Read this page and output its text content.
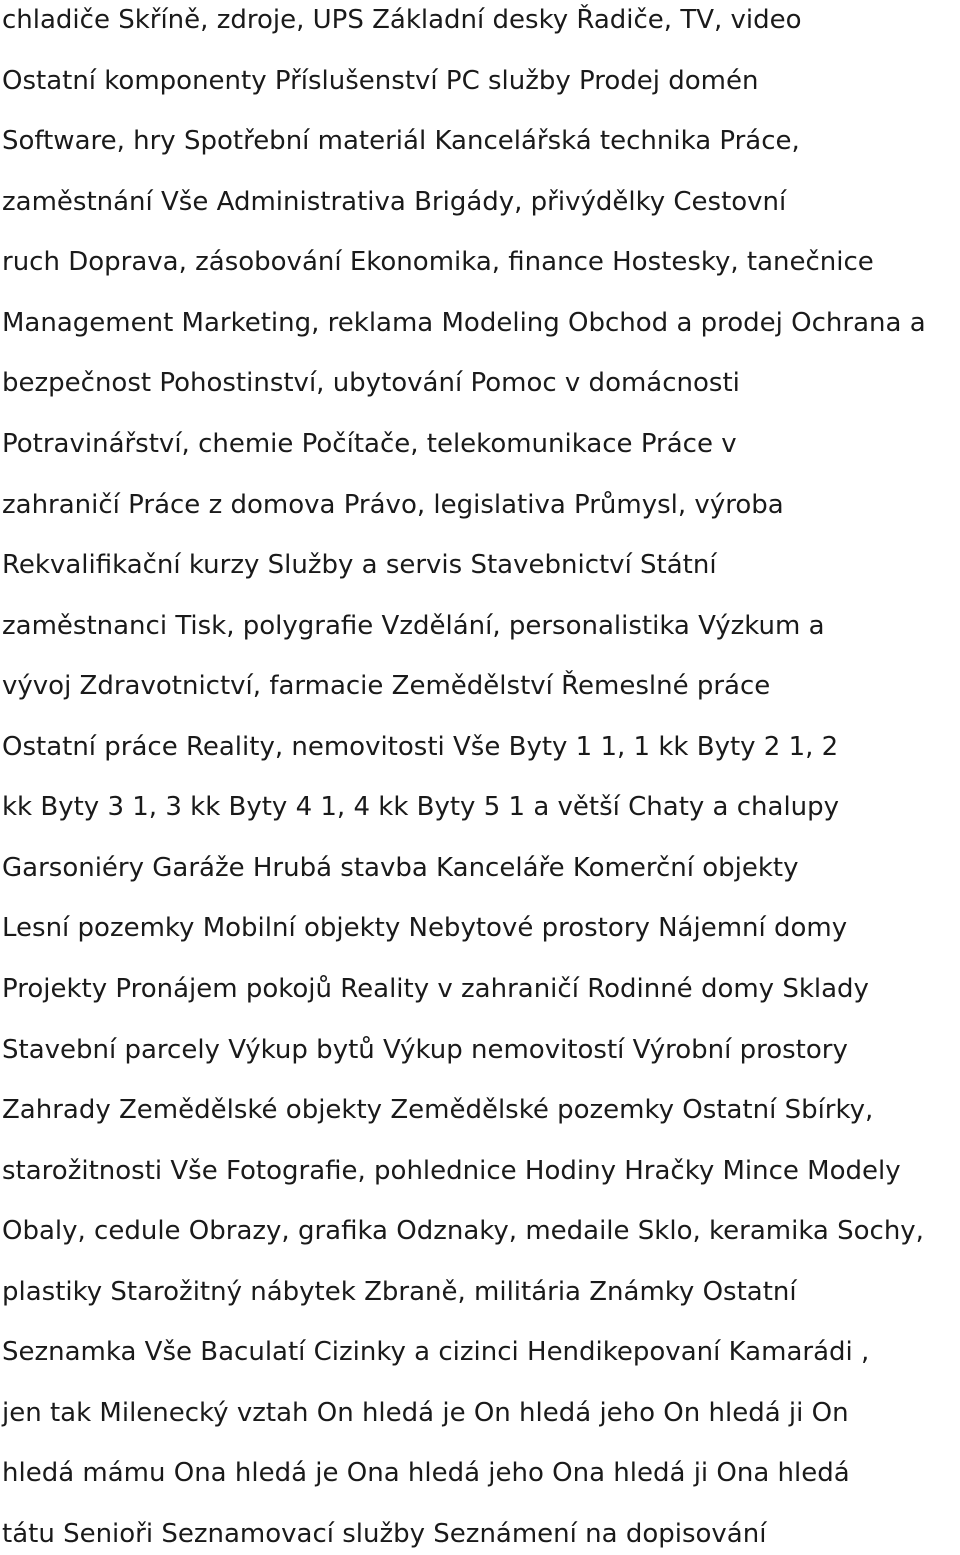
chladiče Skříně, zdroje, UPS Základní desky Řadiče, TV, video

Ostatní komponenty Příslušenství PC služby Prodej domén

Software, hry Spotřební materiál Kancelářská technika Práce,

zaměstnání Vše Administrativa Brigády, přivýdělky Cestovní

ruch Doprava, zásobování Ekonomika, finance Hostesky, tanečnice

Management Marketing, reklama Modeling Obchod a prodej Ochrana a

bezpečnost Pohostinství, ubytování Pomoc v domácnosti

Potravinářství, chemie Počítače, telekomunikace Práce v

zahraničí Práce z domova Právo, legislativa Průmysl, výroba

Rekvalifikační kurzy Služby a servis Stavebnictví Státní

zaměstnanci Tisk, polygrafie Vzdělání, personalistika Výzkum a

vývoj Zdravotnictví, farmacie Zemědělství Řemeslné práce

Ostatní práce Reality, nemovitosti Vše Byty 1 1, 1 kk Byty 2 1, 2

kk Byty 3 1, 3 kk Byty 4 1, 4 kk Byty 5 1 a větší Chaty a chalupy

Garsoniéry Garáže Hrubá stavba Kanceláře Komerční objekty

Lesní pozemky Mobilní objekty Nebytové prostory Nájemní domy

Projekty Pronájem pokojů Reality v zahraničí Rodinné domy Sklady

Stavební parcely Výkup bytů Výkup nemovitostí Výrobní prostory

Zahrady Zemědělské objekty Zemědělské pozemky Ostatní Sbírky,

starožitnosti Vše Fotografie, pohlednice Hodiny Hračky Mince Modely

Obaly, cedule Obrazy, grafika Odznaky, medaile Sklo, keramika Sochy,

plastiky Starožitný nábytek Zbraně, militária Známky Ostatní

Seznamka Vše Baculatí Cizinky a cizinci Hendikepovaní Kamarádi ,

jen tak Milenecký vztah On hledá je On hledá jeho On hledá ji On

hledá mámu Ona hledá je Ona hledá jeho Ona hledá ji Ona hledá

tátu Senioři Seznamovací služby Seznámení na dopisování
